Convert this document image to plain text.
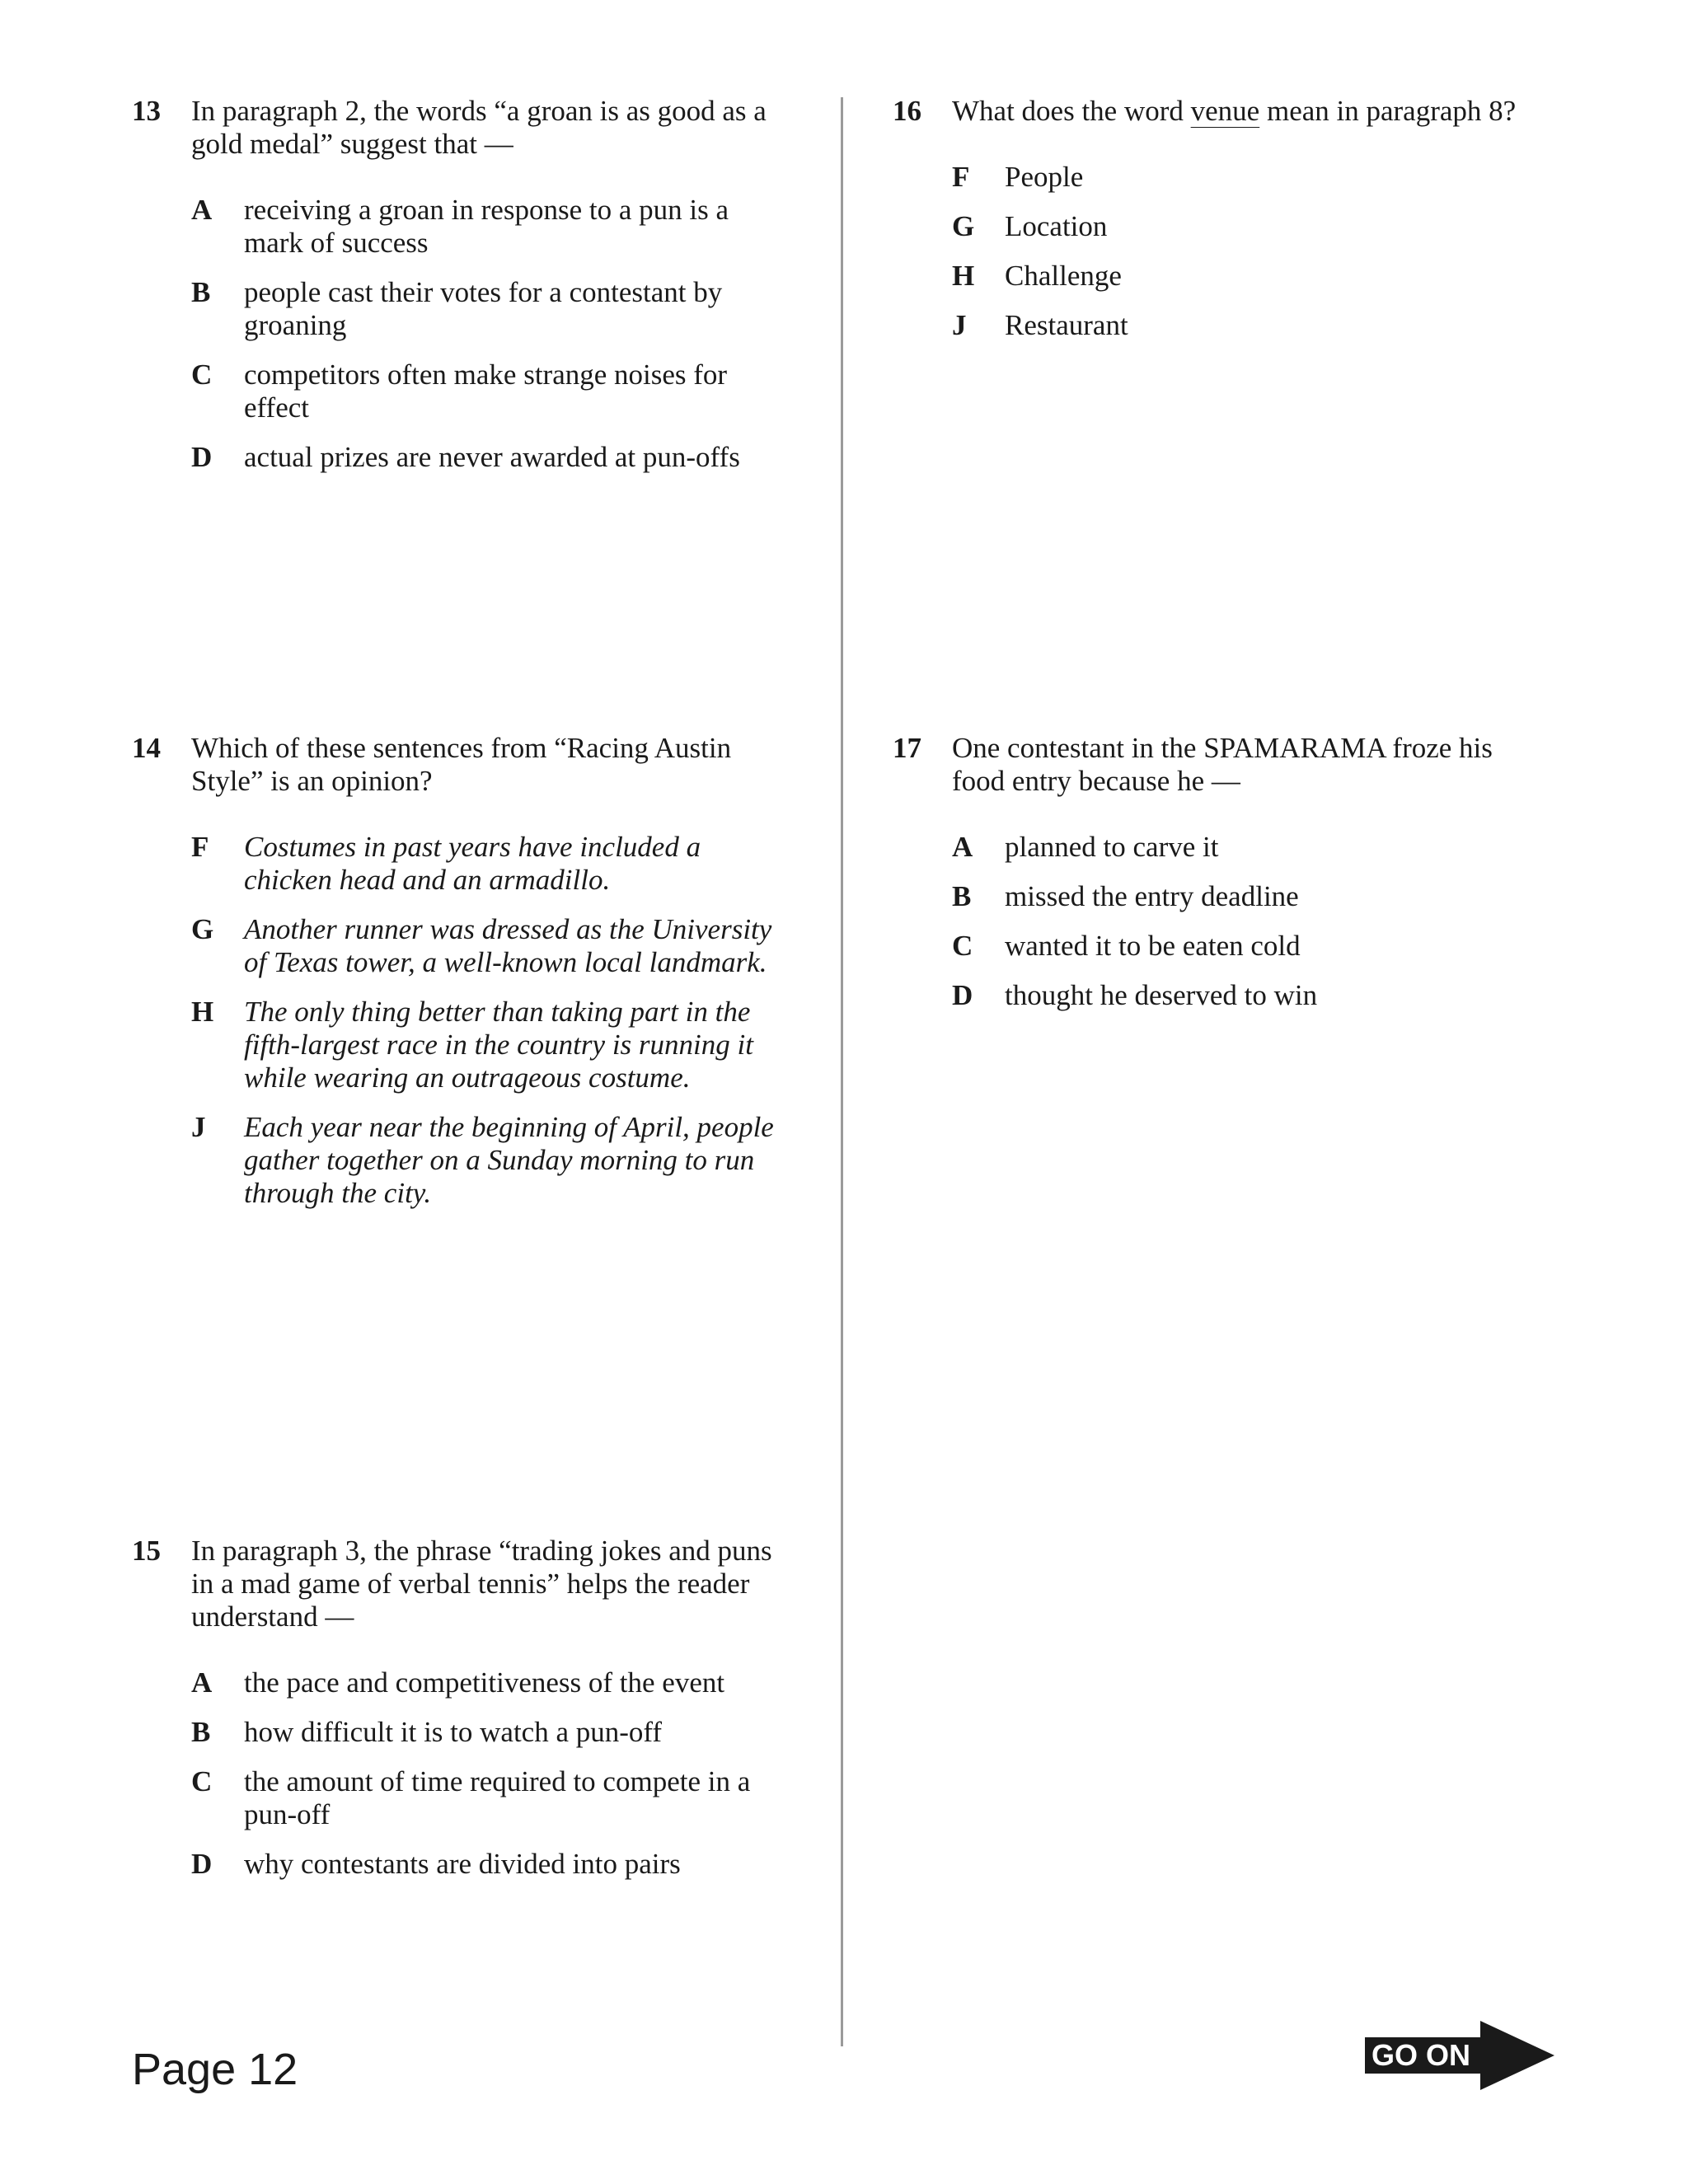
13 In paragraph 2, the words “a groan is as good as a gold medal” suggest that —
A receiving a groan in response to a pun is a mark of success
B people cast their votes for a contestant by groaning
C competitors often make strange noises for effect
D actual prizes are never awarded at pun-offs
16 What does the word venue mean in paragraph 8?
F People
G Location
H Challenge
J Restaurant
14 Which of these sentences from “Racing Austin Style” is an opinion?
F Costumes in past years have included a chicken head and an armadillo.
G Another runner was dressed as the University of Texas tower, a well-known local landmark.
H The only thing better than taking part in the fifth-largest race in the country is running it while wearing an outrageous costume.
J Each year near the beginning of April, people gather together on a Sunday morning to run through the city.
17 One contestant in the SPAMARAMA froze his food entry because he —
A planned to carve it
B missed the entry deadline
C wanted it to be eaten cold
D thought he deserved to win
15 In paragraph 3, the phrase “trading jokes and puns in a mad game of verbal tennis” helps the reader understand —
A the pace and competitiveness of the event
B how difficult it is to watch a pun-off
C the amount of time required to compete in a pun-off
D why contestants are divided into pairs
Page 12	GO ON
